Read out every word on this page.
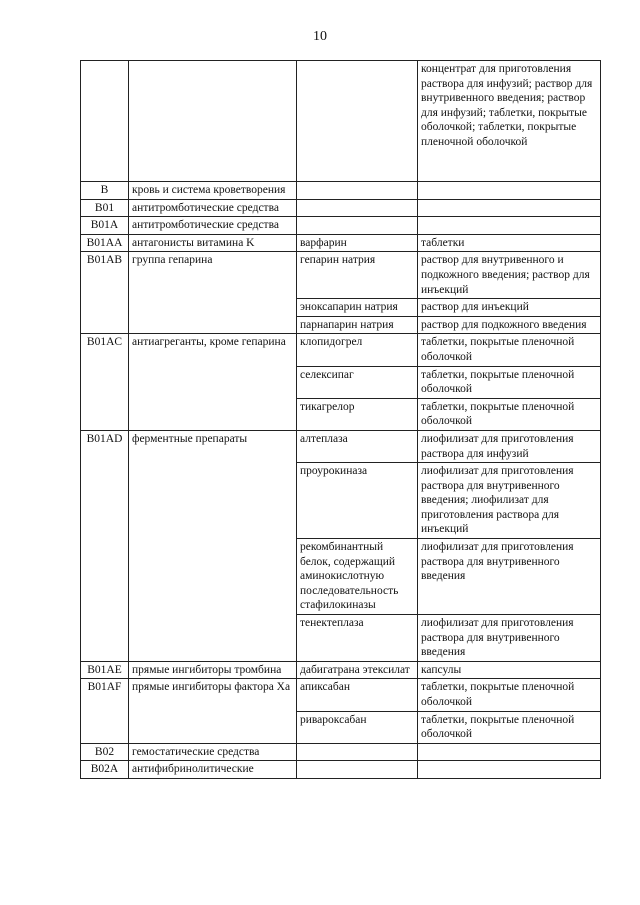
10
			концентрат для приготовления раствора для инфузий; раствор для внутривенного введения; раствор для инфузий; таблетки, покрытые оболочкой; таблетки, покрытые пленочной оболочкой
B	кровь и система кроветворения		
B01	антитромботические средства		
B01A	антитромботические средства		
B01AA	антагонисты витамина K	варфарин	таблетки
B01AB	группа гепарина	гепарин натрия	раствор для внутривенного и подкожного введения; раствор для инъекций
		эноксапарин натрия	раствор для инъекций
		парнапарин натрия	раствор для подкожного введения
B01AC	антиагреганты, кроме гепарина	клопидогрел	таблетки, покрытые пленочной оболочкой
		селексипаг	таблетки, покрытые пленочной оболочкой
		тикагрелор	таблетки, покрытые пленочной оболочкой
B01AD	ферментные препараты	алтеплаза	лиофилизат для приготовления раствора для инфузий
		проурокиназа	лиофилизат для приготовления раствора для внутривенного введения; лиофилизат для приготовления раствора для инъекций
		рекомбинантный белок, содержащий аминокислотную последовательность стафилокиназы	лиофилизат для приготовления раствора для внутривенного введения
		тенектеплаза	лиофилизат для приготовления раствора для внутривенного введения
B01AE	прямые ингибиторы тромбина	дабигатрана этексилат	капсулы
B01AF	прямые ингибиторы фактора Xa	апиксабан	таблетки, покрытые пленочной оболочкой
		ривароксабан	таблетки, покрытые пленочной оболочкой
B02	гемостатические средства		
B02A	антифибринолитические		
